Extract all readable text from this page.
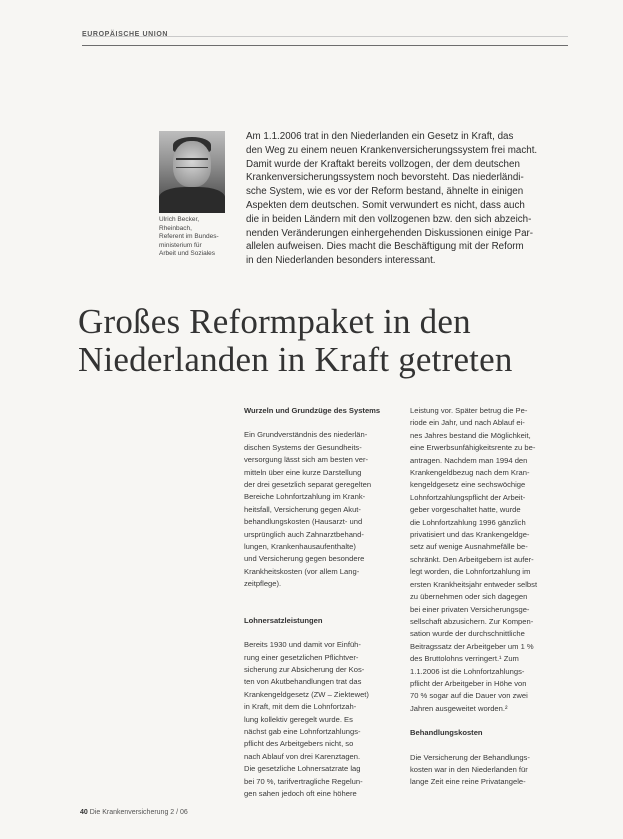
EUROPÄISCHE UNION
Ulrich Becker,
Rheinbach,
Referent im Bundes-
ministerium für
Arbeit und Soziales
Am 1.1.2006 trat in den Niederlanden ein Gesetz in Kraft, das
den Weg zu einem neuen Krankenversicherungssystem frei macht.
Damit wurde der Kraftakt bereits vollzogen, der dem deutschen
Krankenversicherungssystem noch bevorsteht. Das niederländi-
sche System, wie es vor der Reform bestand, ähnelte in einigen
Aspekten dem deutschen. Somit verwundert es nicht, dass auch
die in beiden Ländern mit den vollzogenen bzw. den sich abzeich-
nenden Veränderungen einhergehenden Diskussionen einige Par-
allelen aufweisen. Dies macht die Beschäftigung mit der Reform
in den Niederlanden besonders interessant.
Großes Reformpaket in den
Niederlanden in Kraft getreten
Wurzeln und Grundzüge des Systems
Ein Grundverständnis des niederlän-
dischen Systems der Gesundheits-
versorgung lässt sich am besten ver-
mitteln über eine kurze Darstellung
der drei gesetzlich separat geregelten
Bereiche Lohnfortzahlung im Krank-
heitsfall, Versicherung gegen Akut-
behandlungskosten (Hausarzt- und
ursprünglich auch Zahnarztbehand-
lungen, Krankenhausaufenthalte)
und Versicherung gegen besondere
Krankheitskosten (vor allem Lang-
zeitpflege).
Lohnersatzleistungen
Bereits 1930 und damit vor Einfüh-
rung einer gesetzlichen Pflichtver-
sicherung zur Absicherung der Kos-
ten von Akutbehandlungen trat das
Krankengeldgesetz (ZW – Ziektewet)
in Kraft, mit dem die Lohnfortzah-
lung kollektiv geregelt wurde. Es
nächst gab eine Lohnfortzahlungs-
pflicht des Arbeitgebers nicht, so
nach Ablauf von drei Karenztagen.
Die gesetzliche Lohnersatzrate lag
bei 70 %, tarifvertragliche Regelun-
gen sahen jedoch oft eine höhere
Leistung vor. Später betrug die Pe-
riode ein Jahr, und nach Ablauf ei-
nes Jahres bestand die Möglichkeit,
eine Erwerbsunfähigkeitsrente zu be-
antragen. Nachdem man 1994 den
Krankengeldbezug nach dem Kran-
kengeldgesetz eine sechswöchige
Lohnfortzahlungspflicht der Arbeit-
geber vorgeschaltet hatte, wurde
die Lohnfortzahlung 1996 gänzlich
privatisiert und das Krankengeldge-
setz auf wenige Ausnahmefälle be-
schränkt. Den Arbeitgebern ist aufer-
legt worden, die Lohnfortzahlung im
ersten Krankheitsjahr entweder selbst
zu übernehmen oder sich dagegen
bei einer privaten Versicherungsge-
sellschaft abzusichern. Zur Kompen-
sation wurde der durchschnittliche
Beitragssatz der Arbeitgeber um 1 %
des Bruttolohns verringert.¹ Zum
1.1.2006 ist die Lohnfortzahlungs-
pflicht der Arbeitgeber in Höhe von
70 % sogar auf die Dauer von zwei
Jahren ausgeweitet worden.²
Behandlungskosten
Die Versicherung der Behandlungs-
kosten war in den Niederlanden für
lange Zeit eine reine Privatangele-
40 Die Krankenversicherung 2 / 06
